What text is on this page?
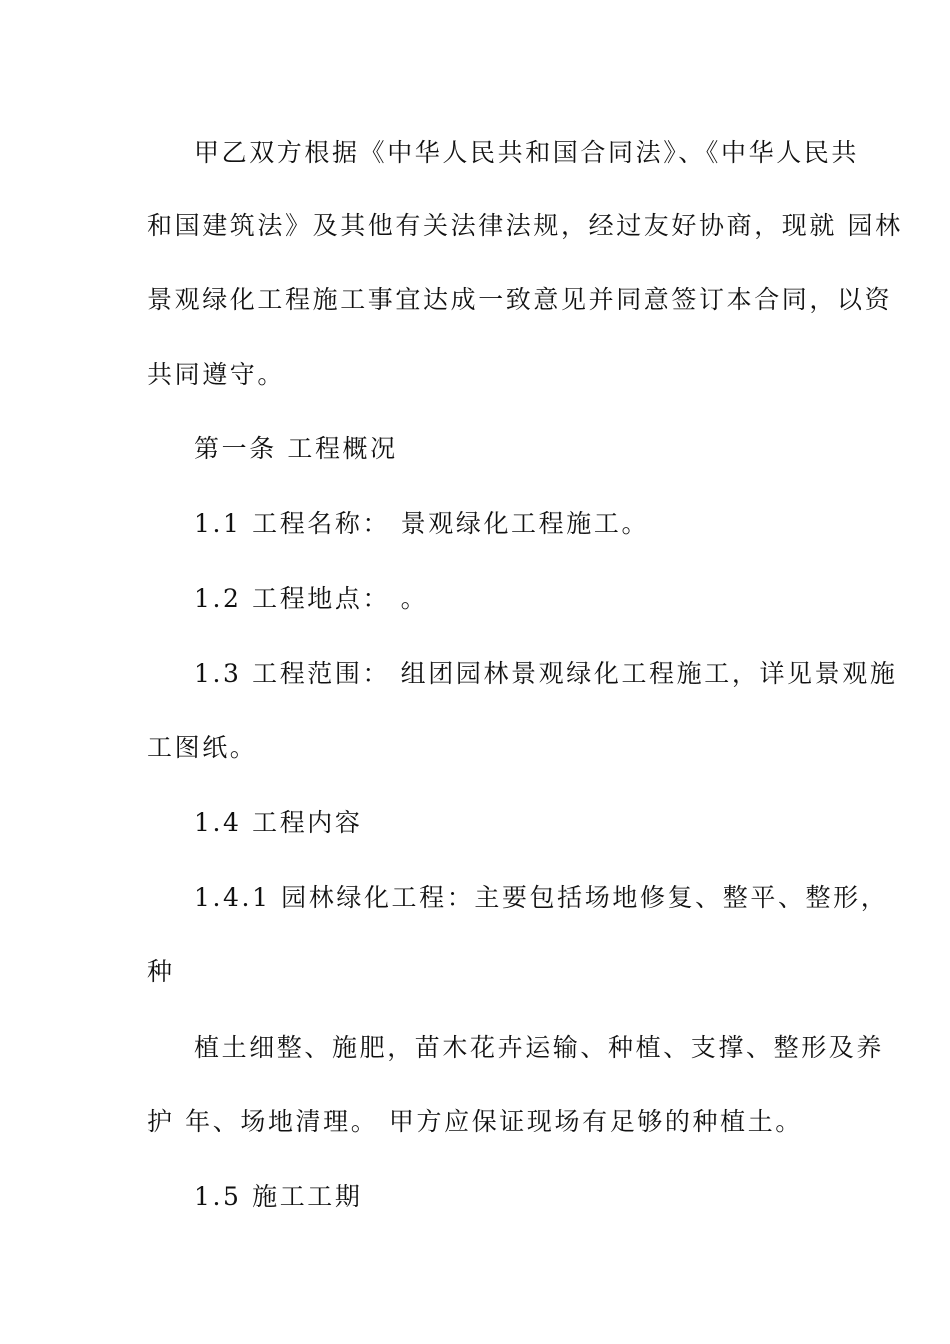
甲乙双方根据《中华人民共和国合同法》、《中华人民共

和国建筑法》及其他有关法律法规，经过友好协商，现就 园林

景观绿化工程施工事宜达成一致意见并同意签订本合同，以资

共同遵守。

第一条 工程概况

1.1 工程名称： 景观绿化工程施工。

1.2 工程地点： 。

1.3 工程范围： 组团园林景观绿化工程施工，详见景观施

工图纸。

1.4 工程内容

1.4.1 园林绿化工程：主要包括场地修复、整平、整形，

种

植土细整、施肥，苗木花卉运输、种植、支撑、整形及养

护 年、场地清理。 甲方应保证现场有足够的种植土。

1.5 施工工期
